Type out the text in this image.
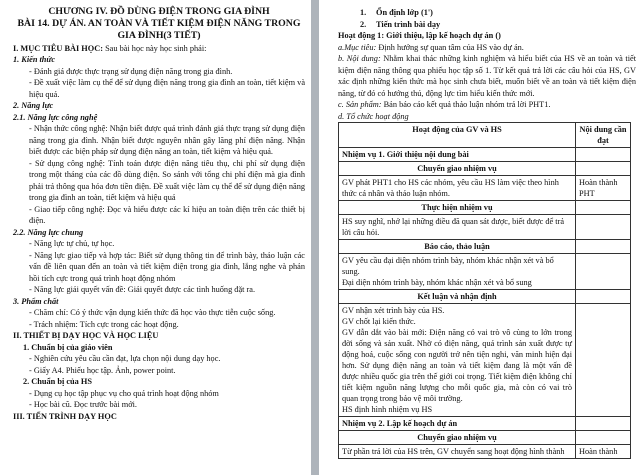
CHƯƠNG IV. ĐỒ DÙNG ĐIỆN TRONG GIA ĐÌNH
BÀI 14. DỰ ÁN. AN TOÀN VÀ TIẾT KIỆM ĐIỆN NĂNG TRONG
GIA ĐÌNH(3 TIẾT)
I. MỤC TIÊU BÀI HỌC: Sau bài học này học sinh phải:
1. Kiến thức
- Đánh giá được thực trạng sử dụng điện năng trong gia đình.
- Đề xuất việc làm cụ thể để sử dụng điện năng trong gia đình an toàn, tiết kiệm và hiệu quả.
2. Năng lực
2.1. Năng lực công nghệ
- Nhận thức công nghệ: Nhận biết được quá trình đánh giá thực trạng sử dụng điện năng trong gia đình. Nhận biết được nguyên nhân gây lãng phí điện năng. Nhận biết được các biện pháp sử dụng điện năng an toàn, tiết kiệm và hiệu quả.
- Sử dụng công nghệ: Tính toán được điện năng tiêu thụ, chi phí sử dụng điện trong một tháng của các đồ dùng điện. So sánh với tổng chi phí điện mà gia đình phải trả thông qua hóa đơn tiền điện. Đề xuất việc làm cụ thể để sử dụng điện năng trong gia đình an toàn, tiết kiệm và hiệu quả
- Giao tiếp công nghệ: Đọc và hiểu được các kí hiệu an toàn điện trên các thiết bị điện.
2.2. Năng lực chung
- Năng lực tự chủ, tự học.
- Năng lực giao tiếp và hợp tác: Biết sử dụng thông tin để trình bày, thảo luận các vấn đề liên quan đến an toàn và tiết kiệm điện trong gia đình, lắng nghe và phản hồi tích cực trong quá trình hoạt động nhóm
- Năng lực giải quyết vấn đề: Giải quyết được các tình huống đặt ra.
3. Phẩm chất
- Chăm chỉ: Có ý thức vận dụng kiến thức đã học vào thực tiễn cuộc sống.
- Trách nhiệm: Tích cực trong các hoạt động.
II. THIẾT BỊ DẠY HỌC VÀ HỌC LIỆU
1. Chuẩn bị của giáo viên
- Nghiên cứu yêu cầu cần đạt, lựa chọn nội dung dạy học.
- Giấy A4. Phiếu học tập. Ảnh, power point.
2. Chuẩn bị của HS
- Dụng cụ học tập phục vụ cho quá trình hoạt động nhóm
- Học bài cũ. Đọc trước bài mới.
III. TIẾN TRÌNH DẠY HỌC
1. Ổn định lớp (1')
2. Tiến trình bài dạy
Hoạt động 1: Giới thiệu, lập kế hoạch dự án ()
a.Mục tiêu: Định hướng sự quan tâm của HS vào dự án.
b. Nội dung: Nhằm khai thác những kinh nghiệm và hiểu biết của HS về an toàn và tiết kiệm điện năng thông qua phiếu học tập số 1. Từ kết quả trả lời các câu hỏi của HS, GV xác định những kiến thức mà học sinh chưa biết, muốn biết về an toàn và tiết kiệm điện năng, từ đó có hướng thú, động lực tìm hiểu kiến thức mới.
c. Sản phẩm: Bản báo cáo kết quả thảo luận nhóm trả lời PHT1.
d. Tổ chức hoạt động
Hoạt động của GV và HS	Nội dung cần đạt
Nhiệm vụ 1. Giới thiệu nội dung bài	
Chuyển giao nhiệm vụ	
GV phát PHT1 cho HS các nhóm, yêu cầu HS làm việc theo hình thức cá nhân và thảo luận nhóm.	Hoàn thành PHT
Thực hiện nhiệm vụ	
HS suy nghĩ, nhớ lại những điều đã quan sát được, biết được để trả lời câu hỏi.	
Báo cáo, thảo luận	

GV yêu cầu đại diện nhóm trình bày, nhóm khác nhận xét và bổ sung.
Đại diện nhóm trình bày, nhóm khác nhận xét và bổ sung	

Kết luận và nhận định	

GV nhận xét trình bày của HS.
GV chốt lại kiến thức.
GV dẫn dắt vào bài mới: Điện năng có vai trò vô cùng to lớn trong đời sống và sản xuất. Nhờ có điện năng, quá trình sản xuất được tự động hoá, cuộc sống con người trở nên tiện nghi, văn minh hiện đại hơn. Sử dụng điện năng an toàn và tiết kiệm đang là một vấn đề được nhiều quốc gia trên thế giới coi trọng. Tiết kiệm điện không chỉ tiết kiệm nguồn năng lượng cho mỗi quốc gia, mà còn có vai trò quan trọng trong bảo vệ môi trường.
HS định hình nhiệm vụ HS	

Nhiệm vụ 2. Lập kế hoạch dự án	
Chuyển giao nhiệm vụ	
Từ phần trả lời của HS trên, GV chuyển sang hoạt động hình thành	Hoàn thành
